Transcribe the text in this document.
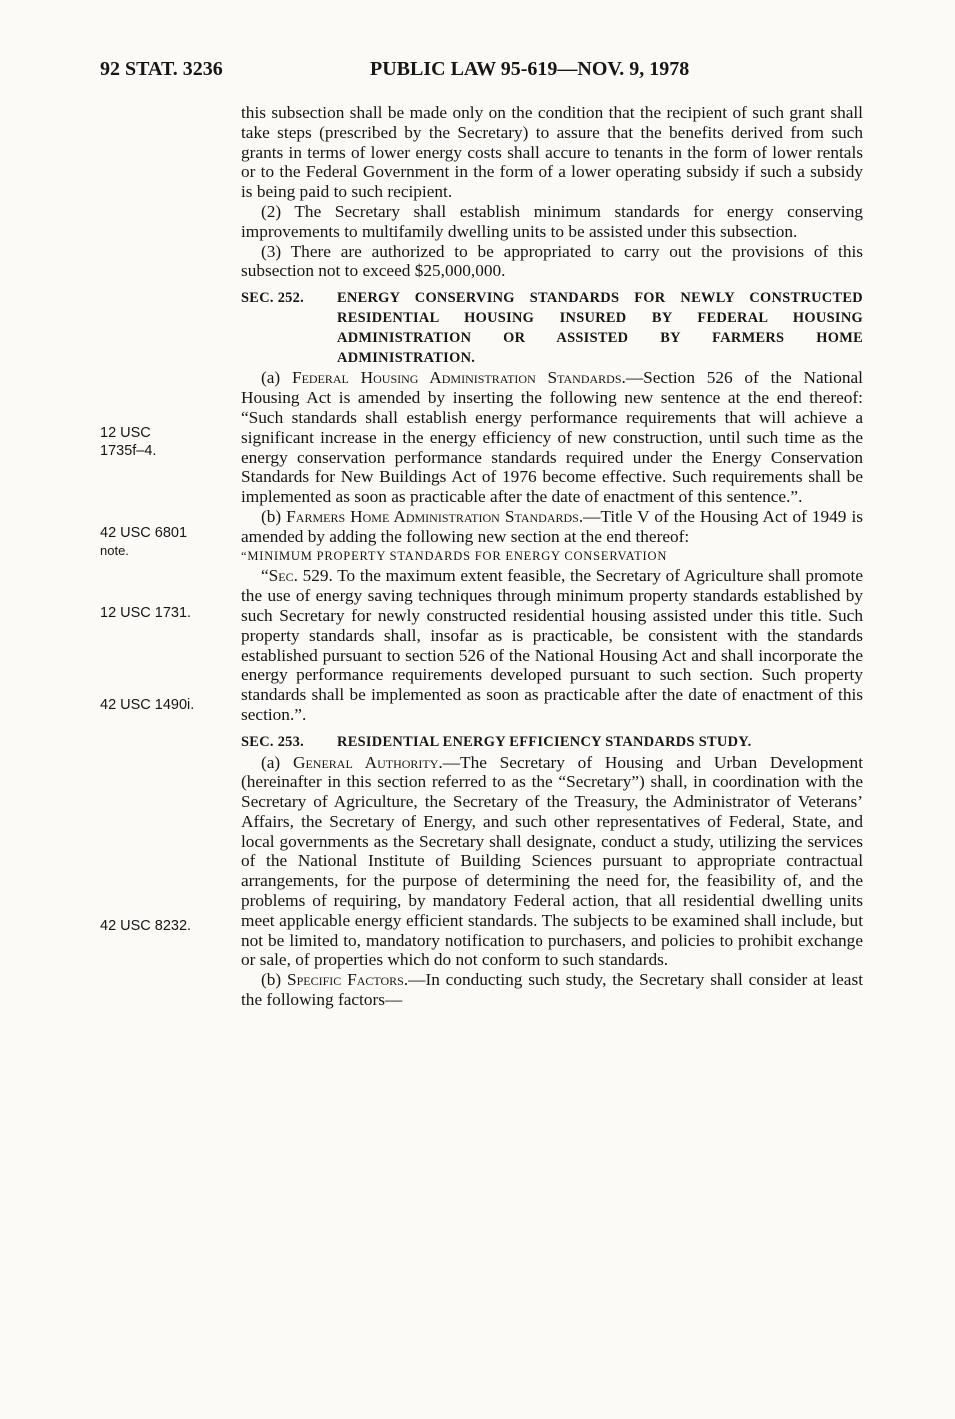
92 STAT. 3236	PUBLIC LAW 95-619—NOV. 9, 1978
12 USC
1735f–4.
42 USC 6801
note.
12 USC 1731.
42 USC 1490i.
42 USC 8232.

this subsection shall be made only on the condition that the recipient of such grant shall take steps (prescribed by the Secretary) to assure that the benefits derived from such grants in terms of lower energy costs shall accure to tenants in the form of lower rentals or to the Federal Government in the form of a lower operating subsidy if such a subsidy is being paid to such recipient.

(2) The Secretary shall establish minimum standards for energy conserving improvements to multifamily dwelling units to be assisted under this subsection.

(3) There are authorized to be appropriated to carry out the provisions of this subsection not to exceed $25,000,000.

SEC. 252. ENERGY CONSERVING STANDARDS FOR NEWLY CONSTRUCTED RESIDENTIAL HOUSING INSURED BY FEDERAL HOUSING ADMINISTRATION OR ASSISTED BY FARMERS HOME ADMINISTRATION.

(a) Federal Housing Administration Standards.—Section 526 of the National Housing Act is amended by inserting the following new sentence at the end thereof: “Such standards shall establish energy performance requirements that will achieve a significant increase in the energy efficiency of new construction, until such time as the energy conservation performance standards required under the Energy Conservation Standards for New Buildings Act of 1976 become effective. Such requirements shall be implemented as soon as practicable after the date of enactment of this sentence.”.

(b) Farmers Home Administration Standards.—Title V of the Housing Act of 1949 is amended by adding the following new section at the end thereof:

“MINIMUM PROPERTY STANDARDS FOR ENERGY CONSERVATION

“Sec. 529. To the maximum extent feasible, the Secretary of Agriculture shall promote the use of energy saving techniques through minimum property standards established by such Secretary for newly constructed residential housing assisted under this title. Such property standards shall, insofar as is practicable, be consistent with the standards established pursuant to section 526 of the National Housing Act and shall incorporate the energy performance requirements developed pursuant to such section. Such property standards shall be implemented as soon as practicable after the date of enactment of this section.”.

SEC. 253. RESIDENTIAL ENERGY EFFICIENCY STANDARDS STUDY.

(a) General Authority.—The Secretary of Housing and Urban Development (hereinafter in this section referred to as the “Secretary”) shall, in coordination with the Secretary of Agriculture, the Secretary of the Treasury, the Administrator of Veterans’ Affairs, the Secretary of Energy, and such other representatives of Federal, State, and local governments as the Secretary shall designate, conduct a study, utilizing the services of the National Institute of Building Sciences pursuant to appropriate contractual arrangements, for the purpose of determining the need for, the feasibility of, and the problems of requiring, by mandatory Federal action, that all residential dwelling units meet applicable energy efficient standards. The subjects to be examined shall include, but not be limited to, mandatory notification to purchasers, and policies to prohibit exchange or sale, of properties which do not conform to such standards.

(b) Specific Factors.—In conducting such study, the Secretary shall consider at least the following factors—
